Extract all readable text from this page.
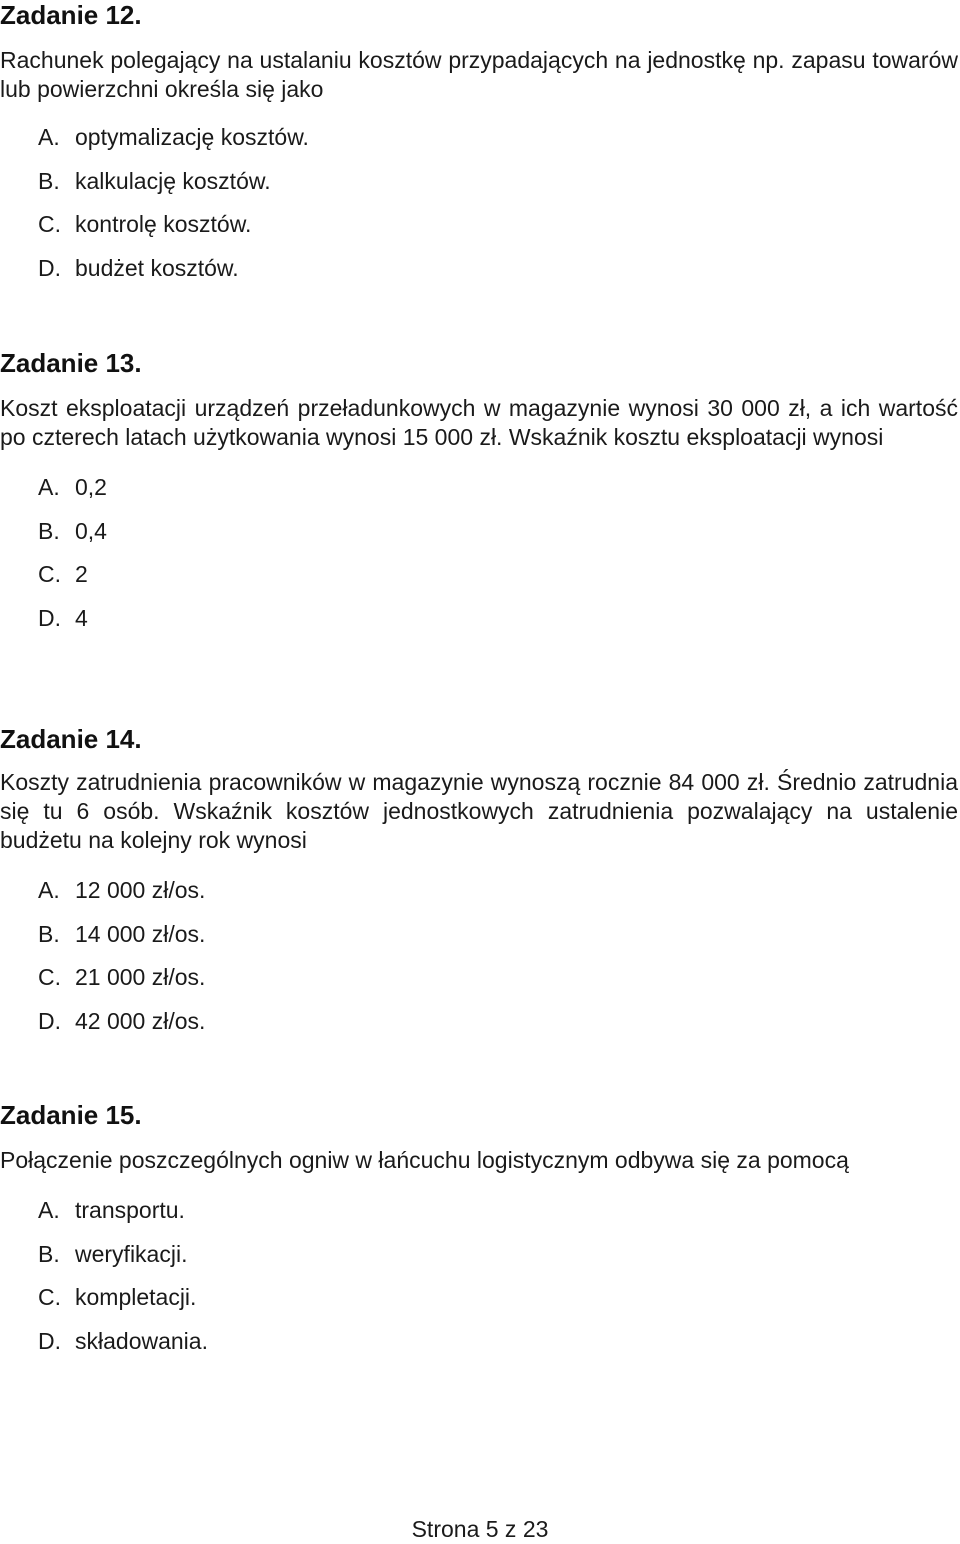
Zadanie 12.

Rachunek polegający na ustalaniu kosztów przypadających na jednostkę np. zapasu towarów lub powierzchni określa się jako

A. optymalizację kosztów.
B. kalkulację kosztów.
C. kontrolę kosztów.
D. budżet kosztów.
Zadanie 13.

Koszt eksploatacji urządzeń przeładunkowych w magazynie wynosi 30 000 zł, a ich wartość po czterech latach użytkowania wynosi 15 000 zł. Wskaźnik kosztu eksploatacji wynosi

A. 0,2
B. 0,4
C. 2
D. 4
Zadanie 14.

Koszty zatrudnienia pracowników w magazynie wynoszą rocznie 84 000 zł. Średnio zatrudnia się tu 6 osób. Wskaźnik kosztów jednostkowych zatrudnienia pozwalający na ustalenie budżetu na kolejny rok wynosi

A. 12 000 zł/os.
B. 14 000 zł/os.
C. 21 000 zł/os.
D. 42 000 zł/os.
Zadanie 15.

Połączenie poszczególnych ogniw w łańcuchu logistycznym odbywa się za pomocą

A. transportu.
B. weryfikacji.
C. kompletacji.
D. składowania.
Strona 5 z 23
